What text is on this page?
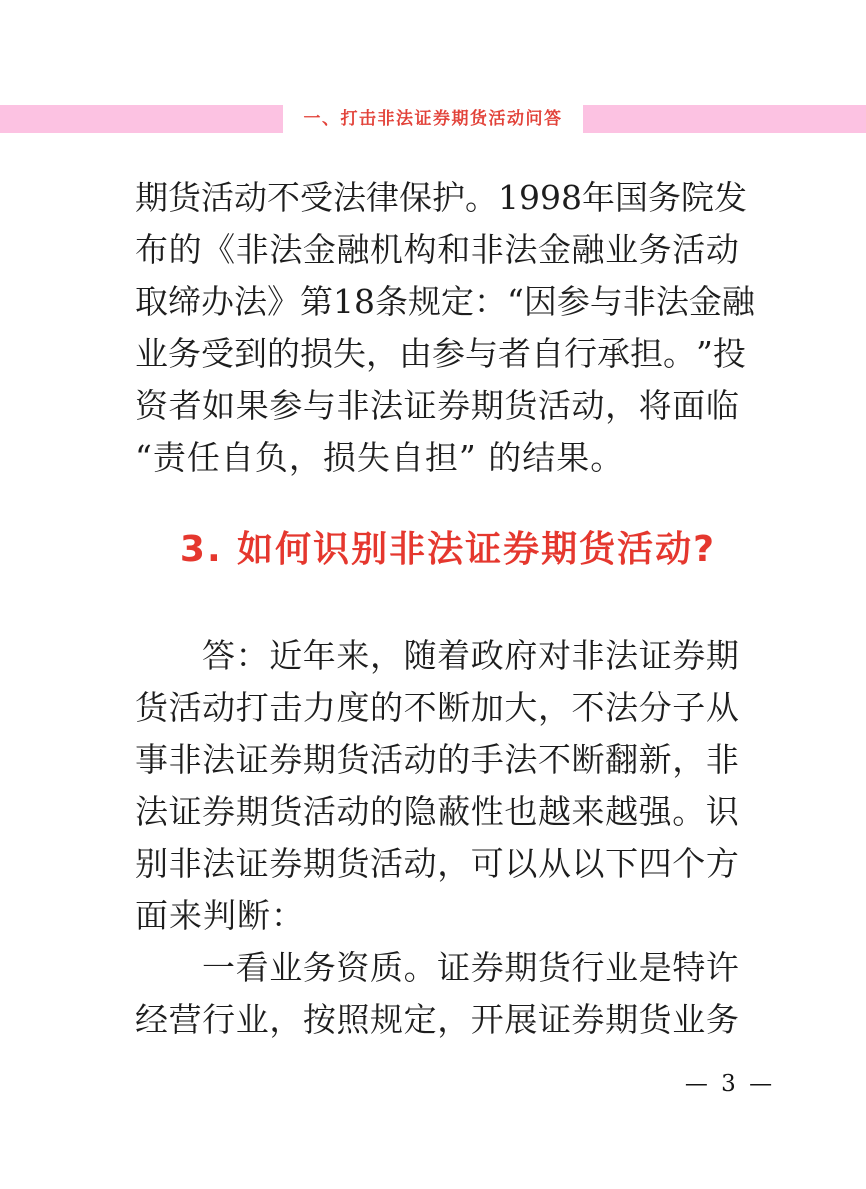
一、打击非法证券期货活动问答
期 货 活 动 不 受 法 律 保 护 。 1998 年 国 务 院 发
布 的 《 非 法 金 融 机 构 和 非 法 金 融 业 务 活 动
取 缔 办 法 》 第 18 条 规 定 ： “ 因 参 与 非 法 金 融
业 务 受 到 的 损 失 ， 由 参 与 者 自 行 承 担 。 ” 投
资 者 如 果 参 与 非 法 证 券 期 货 活 动 ， 将 面 临
“责任自负，损失自担” 的结果。
3. 如何识别非法证券期货活动?
答 ： 近 年 来 ， 随 着 政 府 对 非 法 证 券 期
货 活 动 打 击 力 度 的 不 断 加 大 ， 不 法 分 子 从
事 非 法 证 券 期 货 活 动 的 手 法 不 断 翻 新 ， 非
法 证 券 期 货 活 动 的 隐 蔽 性 也 越 来 越 强 。 识
别 非 法 证 券 期 货 活 动 ， 可 以 从 以 下 四 个 方
面来判断：
一 看 业 务 资 质 。 证 券 期 货 行 业 是 特 许
经 营 行 业 ， 按 照 规 定 ， 开 展 证 券 期 货 业 务
— 3 —
